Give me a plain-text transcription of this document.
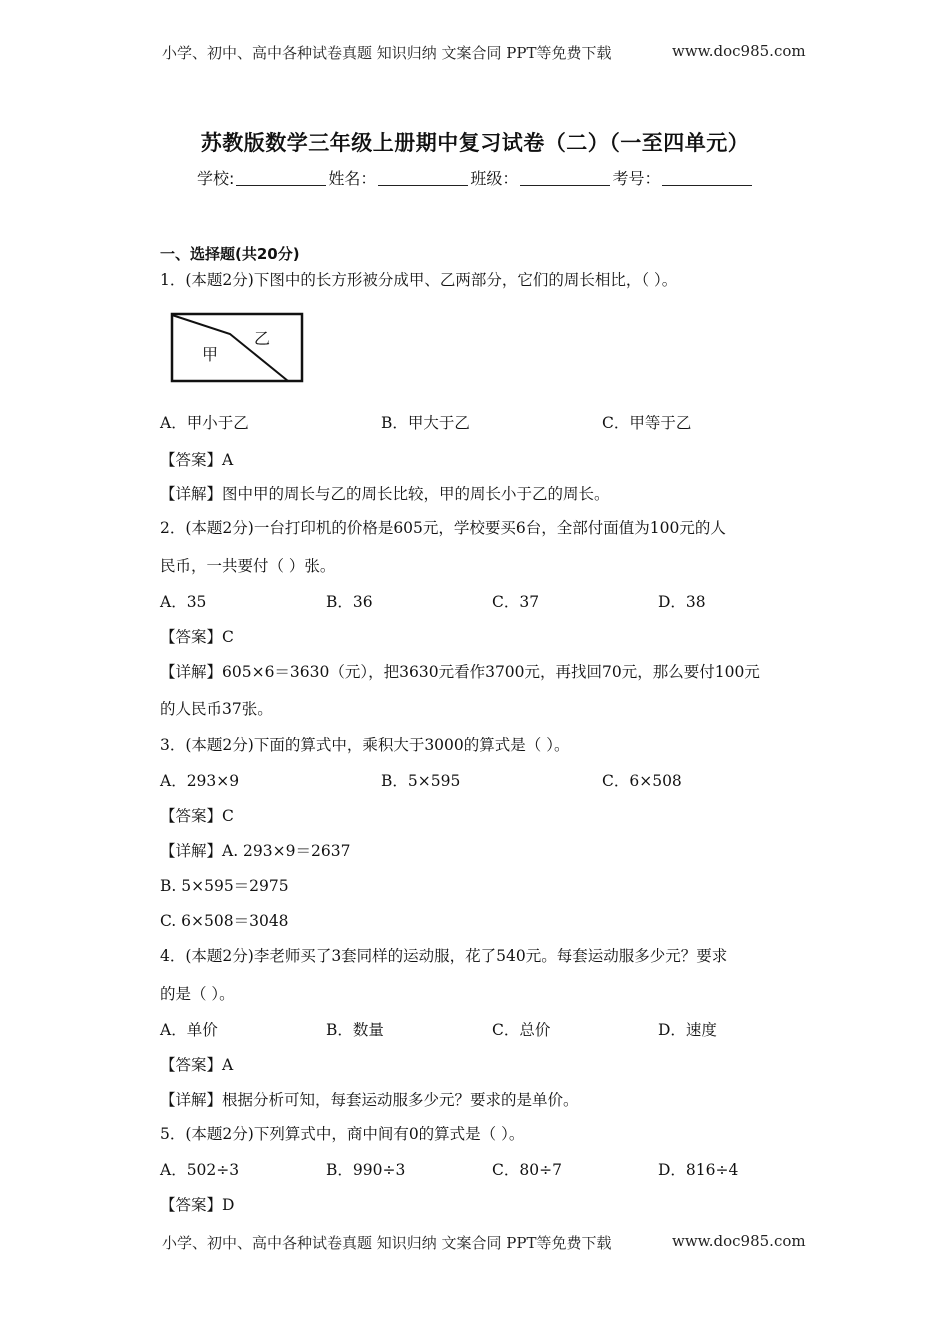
小学、初中、高中各种试卷真题 知识归纳 文案合同 PPT等免费下载	www.doc985.com
苏教版数学三年级上册期中复习试卷（二）（一至四单元）
学校:	姓名：	班级：	考号：
一、选择题(共20分)
1．(本题2分)下图中的长方形被分成甲、乙两部分，它们的周长相比，（ ）。
甲
乙
A．甲小于乙	B．甲大于乙	C．甲等于乙
【答案】A
【详解】图中甲的周长与乙的周长比较，甲的周长小于乙的周长。
2．(本题2分)一台打印机的价格是605元，学校要买6台，全部付面值为100元的人
民币，一共要付（ ）张。
A．35	B．36	C．37	D．38
【答案】C
【详解】605×6＝3630（元），把3630元看作3700元，再找回70元，那么要付100元
的人民币37张。
3．(本题2分)下面的算式中，乘积大于3000的算式是（ ）。
A．293×9	B．5×595	C．6×508
【答案】C
【详解】A. 293×9＝2637
B. 5×595＝2975
C. 6×508＝3048
4．(本题2分)李老师买了3套同样的运动服，花了540元。每套运动服多少元？要求
的是（ ）。
A．单价	B．数量	C．总价	D．速度
【答案】A
【详解】根据分析可知，每套运动服多少元？要求的是单价。
5．(本题2分)下列算式中，商中间有0的算式是（ ）。
A．502÷3	B．990÷3	C．80÷7	D．816÷4
【答案】D
小学、初中、高中各种试卷真题 知识归纳 文案合同 PPT等免费下载	www.doc985.com
